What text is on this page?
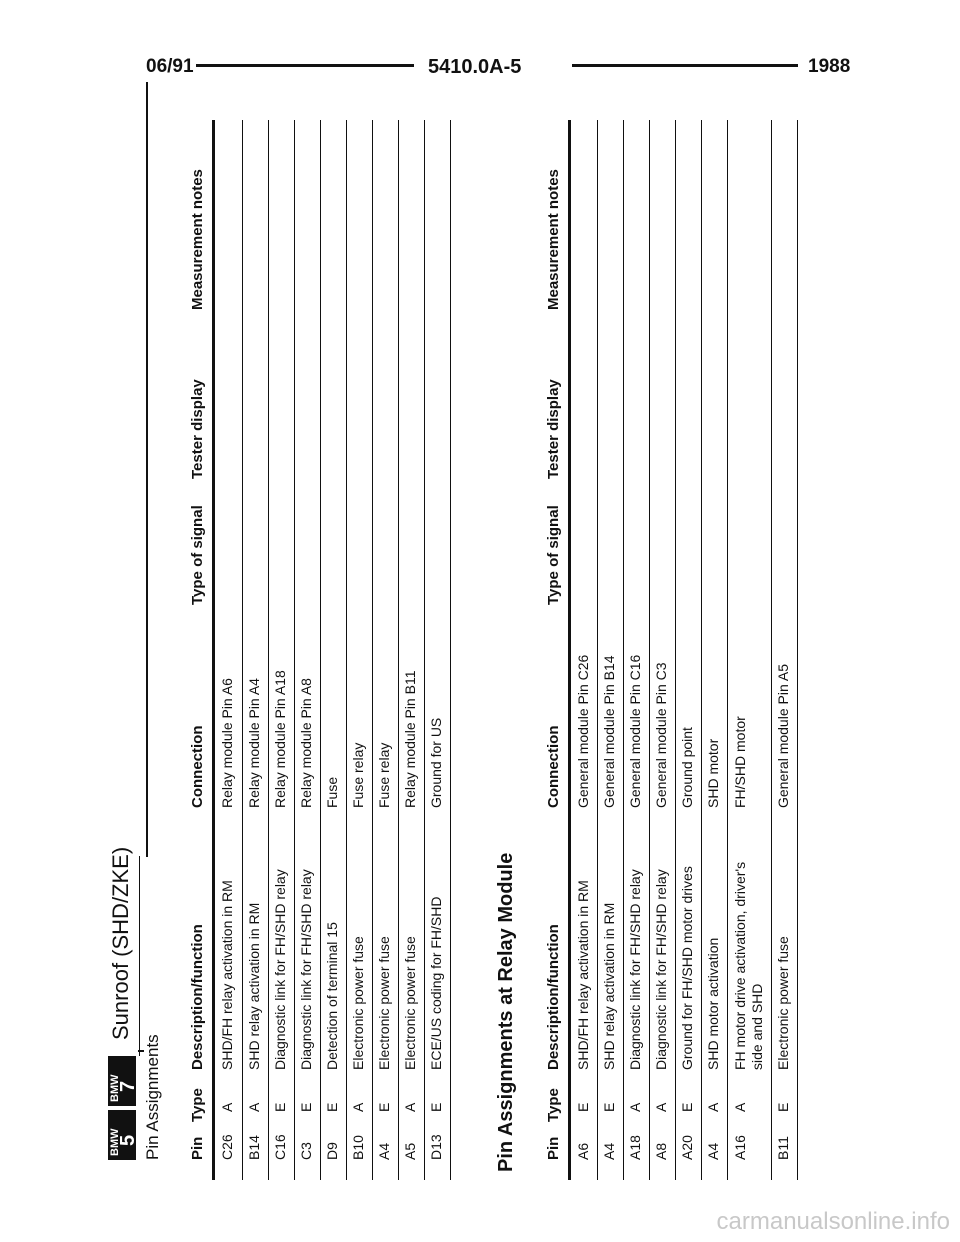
06/91	5410.0A-5	1988
BMW
5
BMW
7
Sunroof (SHD/ZKE)
Pin Assignments Pin
Type
Description/function
Connection
Type of signal
Tester display
Measurement notes
C26
A
SHD/FH relay activation in RM
Relay module Pin A6
B14
A
SHD relay activation in RM
Relay module Pin A4
C16
E
Diagnostic link for FH/SHD relay
Relay module Pin A18
C3
E
Diagnostic link for FH/SHD relay
Relay module Pin A8
D9
E
Detection of terminal 15
Fuse
B10
A
Electronic power fuse
Fuse relay
A4
E
Electronic power fuse
Fuse relay
A5
A
Electronic power fuse
Relay module Pin B11
D13
E
ECE/US coding for FH/SHD
Ground for US
Pin Assignments at Relay Module Pin
Type
Description/function
Connection
Type of signal
Tester display
Measurement notes
A6
E
SHD/FH relay activation in RM
General module Pin C26
A4
E
SHD relay activation in RM
General module Pin B14
A18
A
Diagnostic link for FH/SHD relay
General module Pin C16
A8
A
Diagnostic link for FH/SHD relay
General module Pin C3
A20
E
Ground for FH/SHD motor drives
Ground point
A4
A
SHD motor activation
SHD motor
A16
A
FH motor drive activation, driver's side and SHD
FH/SHD motor
B11
E
Electronic power fuse
General module Pin A5
carmanualsonline.info
